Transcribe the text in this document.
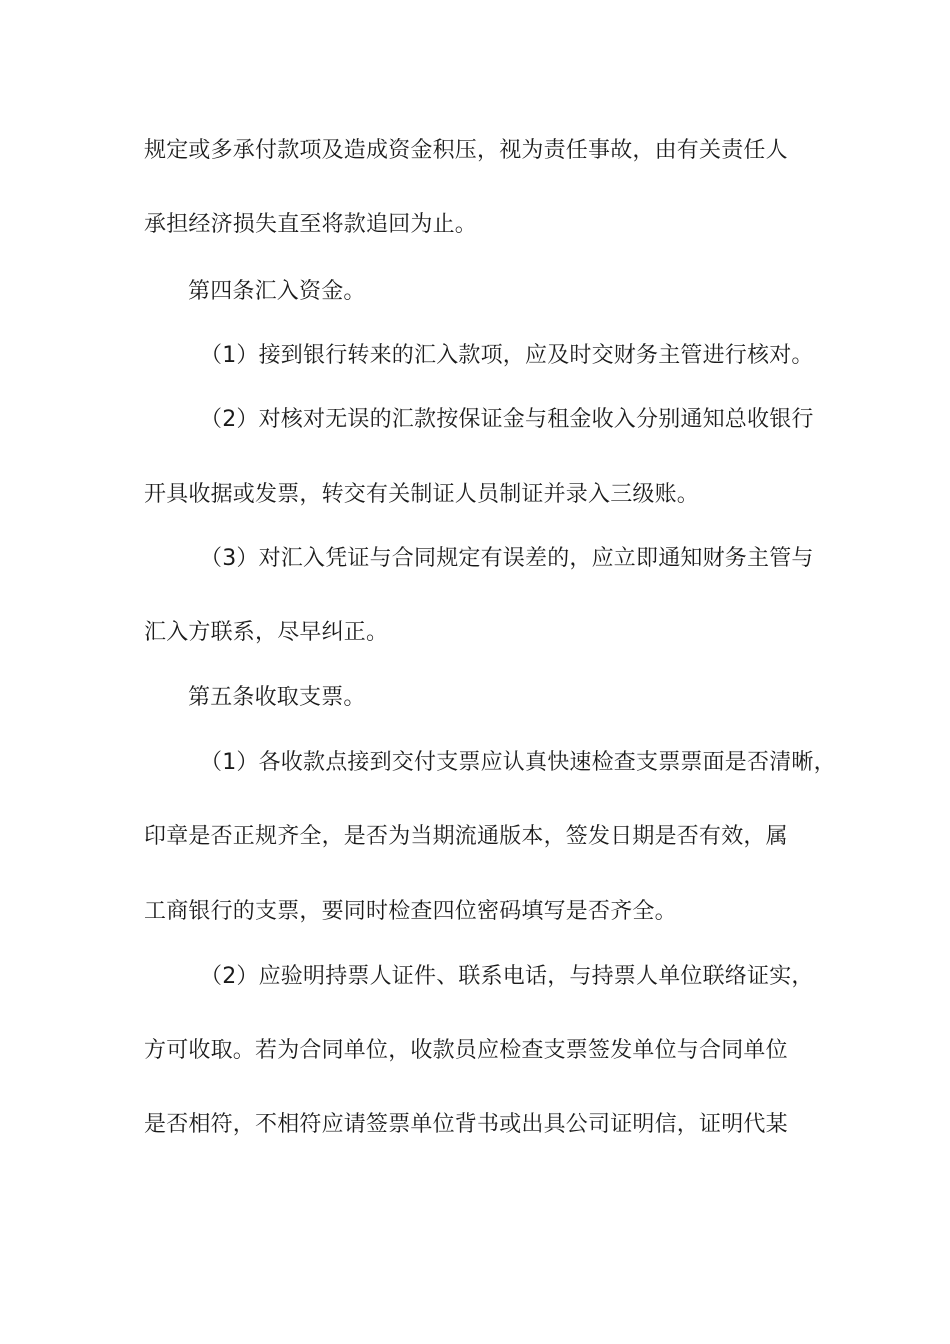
规定或多承付款项及造成资金积压，视为责任事故，由有关责任人
承担经济损失直至将款追回为止。
第四条汇入资金。
（1）接到银行转来的汇入款项，应及时交财务主管进行核对。
（2）对核对无误的汇款按保证金与租金收入分别通知总收银行
开具收据或发票，转交有关制证人员制证并录入三级账。
（3）对汇入凭证与合同规定有误差的，应立即通知财务主管与
汇入方联系，尽早纠正。
第五条收取支票。
（1）各收款点接到交付支票应认真快速检查支票票面是否清晰，
印章是否正规齐全，是否为当期流通版本，签发日期是否有效，属
工商银行的支票，要同时检查四位密码填写是否齐全。
（2）应验明持票人证件、联系电话，与持票人单位联络证实，
方可收取。若为合同单位，收款员应检查支票签发单位与合同单位
是否相符，不相符应请签票单位背书或出具公司证明信，证明代某
